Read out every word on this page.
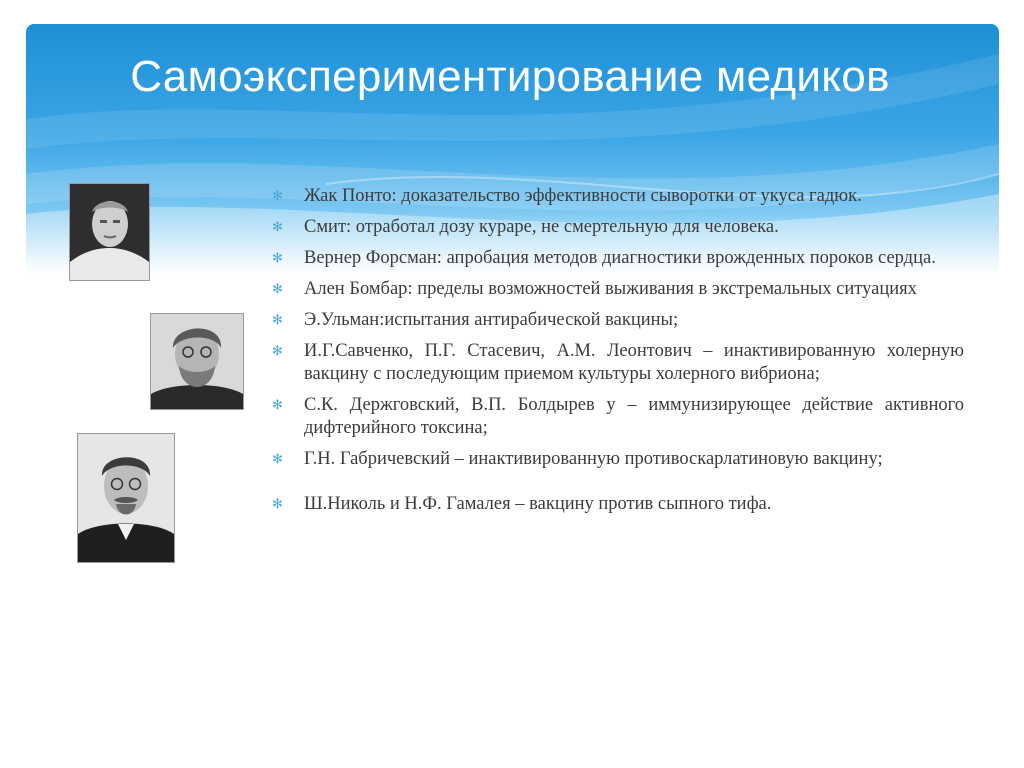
Самоэкспериментирование медиков
✻ Жак Понто: доказательство эффективности сыворотки от укуса гадюк.
✻ Смит: отработал дозу кураре, не смертельную для человека.
✻ Вернер Форсман: апробация методов диагностики врожденных пороков сердца.
✻ Ален Бомбар: пределы возможностей выживания в экстремальных ситуациях
✻ Э.Ульман:испытания антирабической вакцины;
✻ И.Г.Савченко, П.Г. Стасевич, А.М. Леонтович – инактивированную холерную вакцину с последующим приемом культуры холерного вибриона;
✻ С.К. Держговский, В.П. Болдырев у – иммунизирующее действие активного дифтерийного токсина;
✻ Г.Н. Габричевский – инактивированную противоскарлатиновую вакцину;
✻ Ш.Николь и Н.Ф. Гамалея – вакцину против сыпного тифа.
